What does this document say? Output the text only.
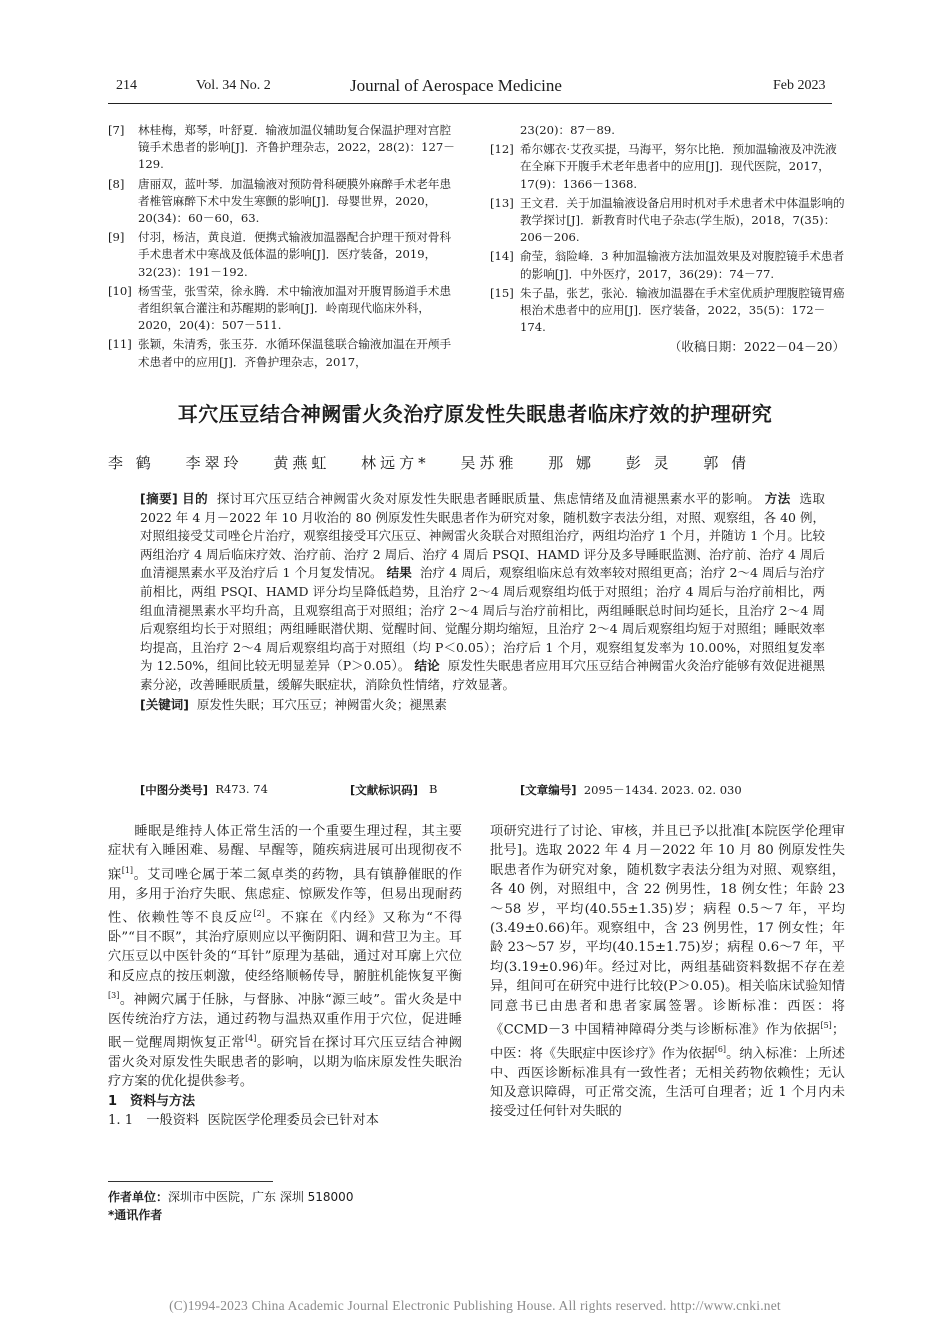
214	Vol. 34 No. 2	Journal of Aerospace Medicine	Feb 2023
[7] 林桂梅，郑琴，叶舒夏．输液加温仪辅助复合保温护理对宫腔镜手术患者的影响[J]．齐鲁护理杂志，2022，28(2)：127－129.
[8] 唐丽双，蓝叶琴．加温输液对预防骨科硬膜外麻醉手术老年患者椎管麻醉下术中发生寒颤的影响[J]．母婴世界，2020，20(34)：60－60，63.
[9] 付羽，杨洁，黄良道．便携式输液加温器配合护理干预对骨科手术患者术中寒战及低体温的影响[J]．医疗装备，2019，32(23)：191－192.
[10] 杨雪莹，张雪荣，徐永腾．术中输液加温对开腹胃肠道手术患者组织氧合灌注和苏醒期的影响[J]．岭南现代临床外科，2020，20(4)：507－511.
[11] 张颖，朱清秀，张玉芬．水循环保温毯联合输液加温在开颅手术患者中的应用[J]．齐鲁护理杂志，2017，
23(20)：87－89.
[12] 希尔娜衣·艾孜买提，马海平，努尔比艳．预加温输液及冲洗液在全麻下开腹手术老年患者中的应用[J]．现代医院，2017，17(9)：1366－1368.
[13] 王文君．关于加温输液设备启用时机对手术患者术中体温影响的教学探讨[J]．新教育时代电子杂志(学生版)，2018，7(35)：206－206.
[14] 俞莹，翁险峰．3 种加温输液方法加温效果及对腹腔镜手术患者的影响[J]．中外医疗，2017，36(29)：74－77.
[15] 朱子晶，张艺，张沁．输液加温器在手术室优质护理腹腔镜胃癌根治术患者中的应用[J]．医疗装备，2022，35(5)：172－174.
（收稿日期：2022－04－20）
耳穴压豆结合神阙雷火灸治疗原发性失眠患者临床疗效的护理研究
李 鹤 李翠玲 黄燕虹 林远方* 吴苏雅 那 娜 彭 灵 郭 倩
[摘要] 目的 探讨耳穴压豆结合神阙雷火灸对原发性失眠患者睡眠质量、焦虑情绪及血清褪黑素水平的影响。 方法 选取 2022 年 4 月－2022 年 10 月收治的 80 例原发性失眠患者作为研究对象，随机数字表法分组，对照、观察组，各 40 例，对照组接受艾司唑仑片治疗，观察组接受耳穴压豆、神阙雷火灸联合对照组治疗，两组均治疗 1 个月，并随访 1 个月。比较两组治疗 4 周后临床疗效、治疗前、治疗 2 周后、治疗 4 周后 PSQI、HAMD 评分及多导睡眠监测、治疗前、治疗 4 周后血清褪黑素水平及治疗后 1 个月复发情况。 结果 治疗 4 周后，观察组临床总有效率较对照组更高；治疗 2～4 周后与治疗前相比，两组 PSQI、HAMD 评分均呈降低趋势，且治疗 2～4 周后观察组均低于对照组；治疗 4 周后与治疗前相比，两组血清褪黑素水平均升高，且观察组高于对照组；治疗 2～4 周后与治疗前相比，两组睡眠总时间均延长，且治疗 2～4 周后观察组均长于对照组；两组睡眠潜伏期、觉醒时间、觉醒分期均缩短，且治疗 2～4 周后观察组均短于对照组；睡眠效率均提高，且治疗 2～4 周后观察组均高于对照组（均 P＜0.05）；治疗后 1 个月，观察组复发率为 10.00%，对照组复发率为 12.50%，组间比较无明显差异（P＞0.05）。 结论 原发性失眠患者应用耳穴压豆结合神阙雷火灸治疗能够有效促进褪黑素分泌，改善睡眠质量，缓解失眠症状，消除负性情绪，疗效显著。
[关键词] 原发性失眠；耳穴压豆；神阙雷火灸；褪黑素
[中图分类号] R473. 74	[文献标识码] B	[文章编号] 2095－1434. 2023. 02. 030

睡眠是维持人体正常生活的一个重要生理过程，其主要症状有入睡困难、易醒、早醒等，随疾病进展可出现彻夜不寐[1]。艾司唑仑属于苯二氮卓类的药物，具有镇静催眠的作用，多用于治疗失眠、焦虑症、惊厥发作等，但易出现耐药性、依赖性等不良反应[2]。不寐在《内经》又称为“不得卧”“目不瞑”，其治疗原则应以平衡阴阳、调和营卫为主。耳穴压豆以中医针灸的“耳针”原理为基础，通过对耳廓上穴位和反应点的按压刺激，使经络顺畅传导，腑脏机能恢复平衡[3]。神阙穴属于任脉，与督脉、冲脉“源三岐”。雷火灸是中医传统治疗方法，通过药物与温热双重作用于穴位，促进睡眠－觉醒周期恢复正常[4]。研究旨在探讨耳穴压豆结合神阙雷火灸对原发性失眠患者的影响，以期为临床原发性失眠治疗方案的优化提供参考。

1　资料与方法

1. 1　一般资料 医院医学伦理委员会已针对本

项研究进行了讨论、审核，并且已予以批准[本院医学伦理审批号]。选取 2022 年 4 月－2022 年 10 月 80 例原发性失眠患者作为研究对象，随机数字表法分组为对照、观察组，各 40 例，对照组中，含 22 例男性，18 例女性；年龄 23～58 岁，平均(40.55±1.35)岁；病程 0.5～7 年，平均(3.49±0.66)年。观察组中，含 23 例男性，17 例女性；年龄 23～57 岁，平均(40.15±1.75)岁；病程 0.6～7 年，平均(3.19±0.96)年。经过对比，两组基础资料数据不存在差异，组间可在研究中进行比较(P＞0.05)。相关临床试验知情同意书已由患者和患者家属签署。诊断标准：西医：将《CCMD－3 中国精神障碍分类与诊断标准》作为依据[5]；中医：将《失眠症中医诊疗》作为依据[6]。纳入标准：上所述中、西医诊断标准具有一致性者；无相关药物依赖性；无认知及意识障碍，可正常交流，生活可自理者；近 1 个月内未接受过任何针对失眠的

作者单位：深圳市中医院，广东 深圳 518000
*通讯作者
(C)1994-2023 China Academic Journal Electronic Publishing House. All rights reserved. http://www.cnki.net
